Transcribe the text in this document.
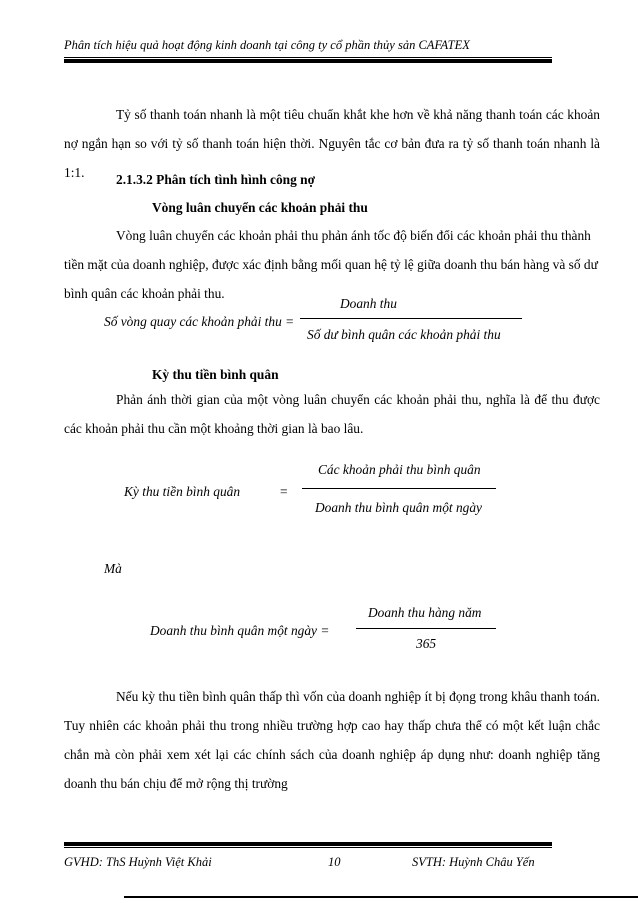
Phân tích hiệu quả hoạt động kinh doanh tại công ty cổ phần thủy sản CAFATEX
Tỷ số thanh toán nhanh là một tiêu chuẩn khắt khe hơn về khả năng thanh toán các khoản nợ ngắn hạn so với tỷ số thanh toán hiện thời. Nguyên tắc cơ bản đưa ra tỷ số thanh toán nhanh là 1:1.	2.1.3.2 Phân tích tình hình công nợ
Vòng luân chuyển các khoản phải thu
Vòng luân chuyển các khoản phải thu phản ánh tốc độ biến đổi các khoản phải thu thành tiền mặt của doanh nghiệp, được xác định bằng mối quan hệ tỷ lệ giữa doanh thu bán hàng và số dư bình quân các khoản phải thu.
Doanh thu
Số vòng quay các khoản phải thu =
Số dư bình quân các khoản phải thu
Kỳ thu tiền bình quân
Phản ánh thời gian của một vòng luân chuyển các khoản phải thu, nghĩa là để thu được các khoản phải thu cần một khoảng thời gian là bao lâu.
Các khoản phải thu bình quân
Kỳ thu tiền bình quân	=
Doanh thu bình quân một ngày
Mà
Doanh thu hàng năm
Doanh thu bình quân một ngày =
365
Nếu kỳ thu tiền bình quân thấp thì vốn của doanh nghiệp ít bị đọng trong khâu thanh toán. Tuy nhiên các khoản phải thu trong nhiều trường hợp cao hay thấp chưa thể có một kết luận chắc chắn mà còn phải xem xét lại các chính sách của doanh nghiệp áp dụng như: doanh nghiệp tăng doanh thu bán chịu để mở rộng thị trường
GVHD: ThS Huỳnh Việt Khải	10	SVTH: Huỳnh Châu Yến
